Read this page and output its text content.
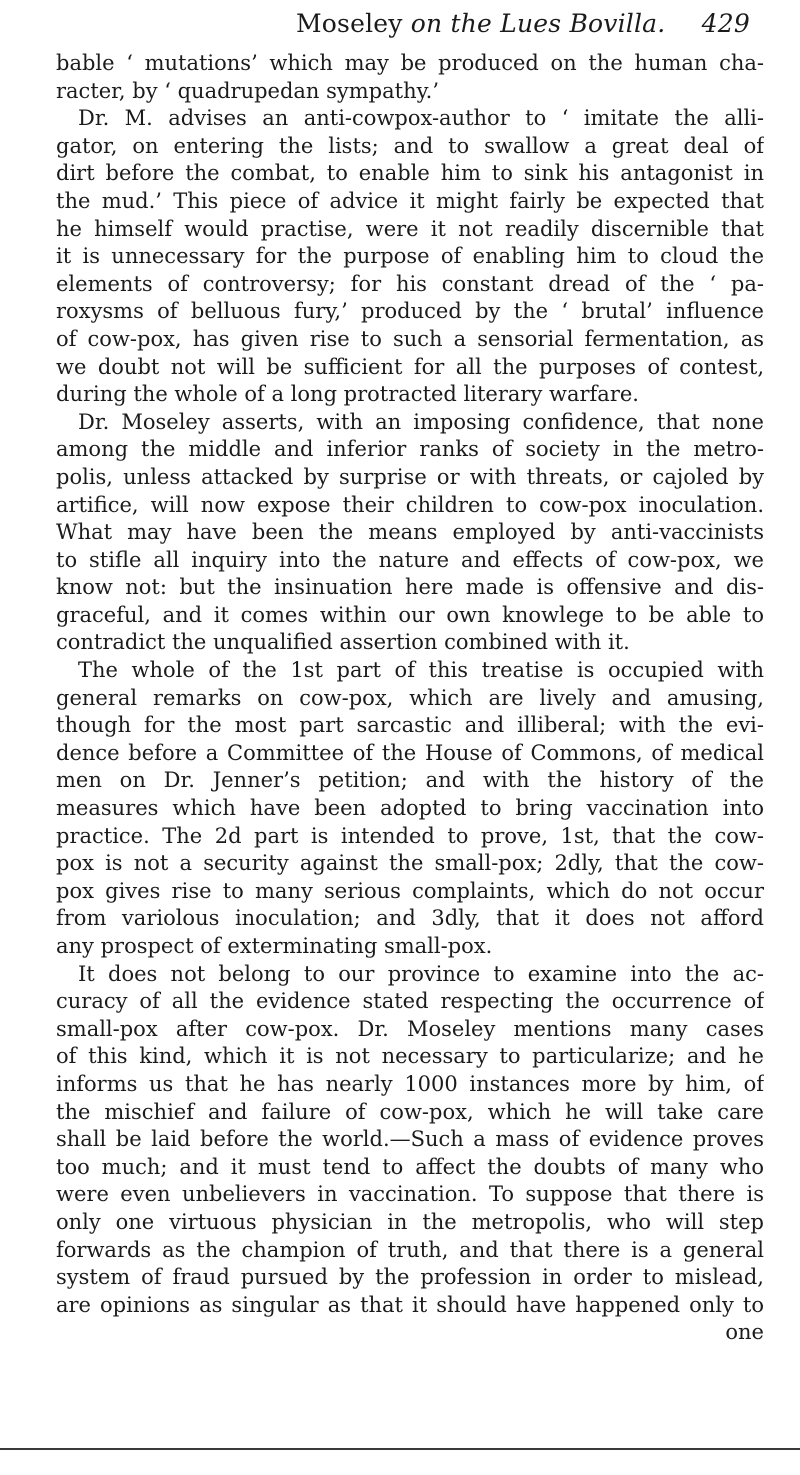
Moseley on the Lues Bovilla. 429
bable ‘ mutations’ which may be produced on the human cha-
racter, by ‘ quadrupedan sympathy.’
Dr. M. advises an anti-cowpox-author to ‘ imitate the alli-
gator, on entering the lists; and to swallow a great deal of
dirt before the combat, to enable him to sink his antagonist in
the mud.’ This piece of advice it might fairly be expected that
he himself would practise, were it not readily discernible that
it is unnecessary for the purpose of enabling him to cloud the
elements of controversy; for his constant dread of the ‘ pa-
roxysms of belluous fury,’ produced by the ‘ brutal’ influence
of cow-pox, has given rise to such a sensorial fermentation, as
we doubt not will be sufficient for all the purposes of contest,
during the whole of a long protracted literary warfare.
Dr. Moseley asserts, with an imposing confidence, that none
among the middle and inferior ranks of society in the metro-
polis, unless attacked by surprise or with threats, or cajoled by
artifice, will now expose their children to cow-pox inoculation.
What may have been the means employed by anti-vaccinists
to stifle all inquiry into the nature and effects of cow-pox, we
know not: but the insinuation here made is offensive and dis-
graceful, and it comes within our own knowlege to be able to
contradict the unqualified assertion combined with it.
The whole of the 1st part of this treatise is occupied with
general remarks on cow-pox, which are lively and amusing,
though for the most part sarcastic and illiberal; with the evi-
dence before a Committee of the House of Commons, of medical
men on Dr. Jenner’s petition; and with the history of the
measures which have been adopted to bring vaccination into
practice. The 2d part is intended to prove, 1st, that the cow-
pox is not a security against the small-pox; 2dly, that the cow-
pox gives rise to many serious complaints, which do not occur
from variolous inoculation; and 3dly, that it does not afford
any prospect of exterminating small-pox.
It does not belong to our province to examine into the ac-
curacy of all the evidence stated respecting the occurrence of
small-pox after cow-pox. Dr. Moseley mentions many cases
of this kind, which it is not necessary to particularize; and he
informs us that he has nearly 1000 instances more by him, of
the mischief and failure of cow-pox, which he will take care
shall be laid before the world.—Such a mass of evidence proves
too much; and it must tend to affect the doubts of many who
were even unbelievers in vaccination. To suppose that there is
only one virtuous physician in the metropolis, who will step
forwards as the champion of truth, and that there is a general
system of fraud pursued by the profession in order to mislead,
are opinions as singular as that it should have happened only to
one
